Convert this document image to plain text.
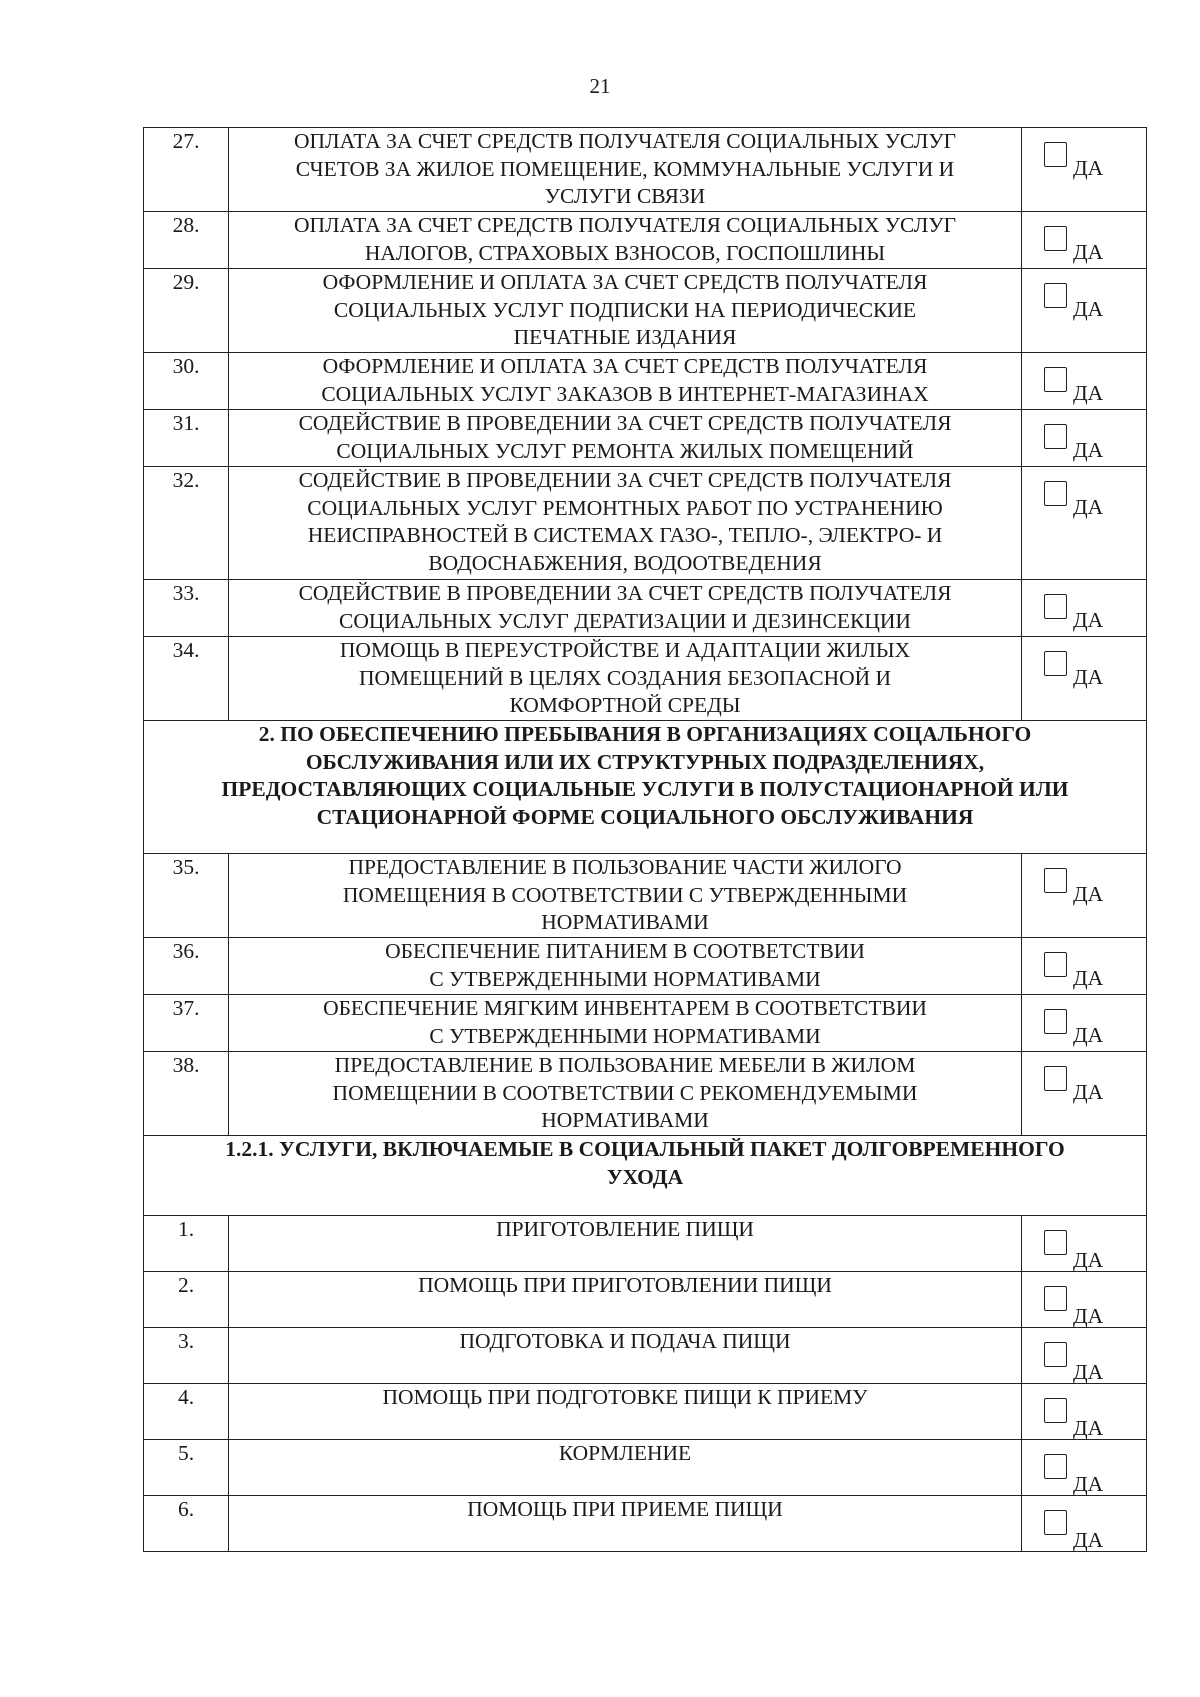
21
27.	ОПЛАТА ЗА СЧЕТ СРЕДСТВ ПОЛУЧАТЕЛЯ СОЦИАЛЬНЫХ УСЛУГ
СЧЕТОВ ЗА ЖИЛОЕ ПОМЕЩЕНИЕ, КОММУНАЛЬНЫЕ УСЛУГИ И
УСЛУГИ СВЯЗИ	ДА

28.	ОПЛАТА ЗА СЧЕТ СРЕДСТВ ПОЛУЧАТЕЛЯ СОЦИАЛЬНЫХ УСЛУГ
НАЛОГОВ, СТРАХОВЫХ ВЗНОСОВ, ГОСПОШЛИНЫ	ДА

29.	ОФОРМЛЕНИЕ И ОПЛАТА ЗА СЧЕТ СРЕДСТВ ПОЛУЧАТЕЛЯ
СОЦИАЛЬНЫХ УСЛУГ ПОДПИСКИ НА ПЕРИОДИЧЕСКИЕ
ПЕЧАТНЫЕ ИЗДАНИЯ	ДА

30.	ОФОРМЛЕНИЕ И ОПЛАТА ЗА СЧЕТ СРЕДСТВ ПОЛУЧАТЕЛЯ
СОЦИАЛЬНЫХ УСЛУГ ЗАКАЗОВ В ИНТЕРНЕТ-МАГАЗИНАХ	ДА

31.	СОДЕЙСТВИЕ В ПРОВЕДЕНИИ ЗА СЧЕТ СРЕДСТВ ПОЛУЧАТЕЛЯ
СОЦИАЛЬНЫХ УСЛУГ РЕМОНТА ЖИЛЫХ ПОМЕЩЕНИЙ	ДА

32.	СОДЕЙСТВИЕ В ПРОВЕДЕНИИ ЗА СЧЕТ СРЕДСТВ ПОЛУЧАТЕЛЯ
СОЦИАЛЬНЫХ УСЛУГ РЕМОНТНЫХ РАБОТ ПО УСТРАНЕНИЮ
НЕИСПРАВНОСТЕЙ В СИСТЕМАХ ГАЗО-, ТЕПЛО-, ЭЛЕКТРО- И
ВОДОСНАБЖЕНИЯ, ВОДООТВЕДЕНИЯ	ДА

33.	СОДЕЙСТВИЕ В ПРОВЕДЕНИИ ЗА СЧЕТ СРЕДСТВ ПОЛУЧАТЕЛЯ
СОЦИАЛЬНЫХ УСЛУГ ДЕРАТИЗАЦИИ И ДЕЗИНСЕКЦИИ	ДА

34.	ПОМОЩЬ В ПЕРЕУСТРОЙСТВЕ И АДАПТАЦИИ ЖИЛЫХ
ПОМЕЩЕНИЙ В ЦЕЛЯХ СОЗДАНИЯ БЕЗОПАСНОЙ И
КОМФОРТНОЙ СРЕДЫ	ДА

2. ПО ОБЕСПЕЧЕНИЮ ПРЕБЫВАНИЯ В ОРГАНИЗАЦИЯХ СОЦАЛЬНОГО
ОБСЛУЖИВАНИЯ ИЛИ ИХ СТРУКТУРНЫХ ПОДРАЗДЕЛЕНИЯХ,
ПРЕДОСТАВЛЯЮЩИХ СОЦИАЛЬНЫЕ УСЛУГИ В ПОЛУСТАЦИОНАРНОЙ ИЛИ
СТАЦИОНАРНОЙ ФОРМЕ СОЦИАЛЬНОГО ОБСЛУЖИВАНИЯ		

35.	ПРЕДОСТАВЛЕНИЕ В ПОЛЬЗОВАНИЕ ЧАСТИ ЖИЛОГО
ПОМЕЩЕНИЯ В СООТВЕТСТВИИ С УТВЕРЖДЕННЫМИ
НОРМАТИВАМИ	ДА

36.	ОБЕСПЕЧЕНИЕ ПИТАНИЕМ В СООТВЕТСТВИИ
С УТВЕРЖДЕННЫМИ НОРМАТИВАМИ	ДА

37.	ОБЕСПЕЧЕНИЕ МЯГКИМ ИНВЕНТАРЕМ В СООТВЕТСТВИИ
С УТВЕРЖДЕННЫМИ НОРМАТИВАМИ	ДА

38.	ПРЕДОСТАВЛЕНИЕ В ПОЛЬЗОВАНИЕ МЕБЕЛИ В ЖИЛОМ
ПОМЕЩЕНИИ В СООТВЕТСТВИИ С РЕКОМЕНДУЕМЫМИ
НОРМАТИВАМИ	ДА

1.2.1. УСЛУГИ, ВКЛЮЧАЕМЫЕ В СОЦИАЛЬНЫЙ ПАКЕТ ДОЛГОВРЕМЕННОГО
УХОДА		

1.	ПРИГОТОВЛЕНИЕ ПИЩИ	ДА

2.	ПОМОЩЬ ПРИ ПРИГОТОВЛЕНИИ ПИЩИ	ДА

3.	ПОДГОТОВКА И ПОДАЧА ПИЩИ	ДА

4.	ПОМОЩЬ ПРИ ПОДГОТОВКЕ ПИЩИ К ПРИЕМУ	ДА

5.	КОРМЛЕНИЕ	ДА

6.	ПОМОЩЬ ПРИ ПРИЕМЕ ПИЩИ	ДА
